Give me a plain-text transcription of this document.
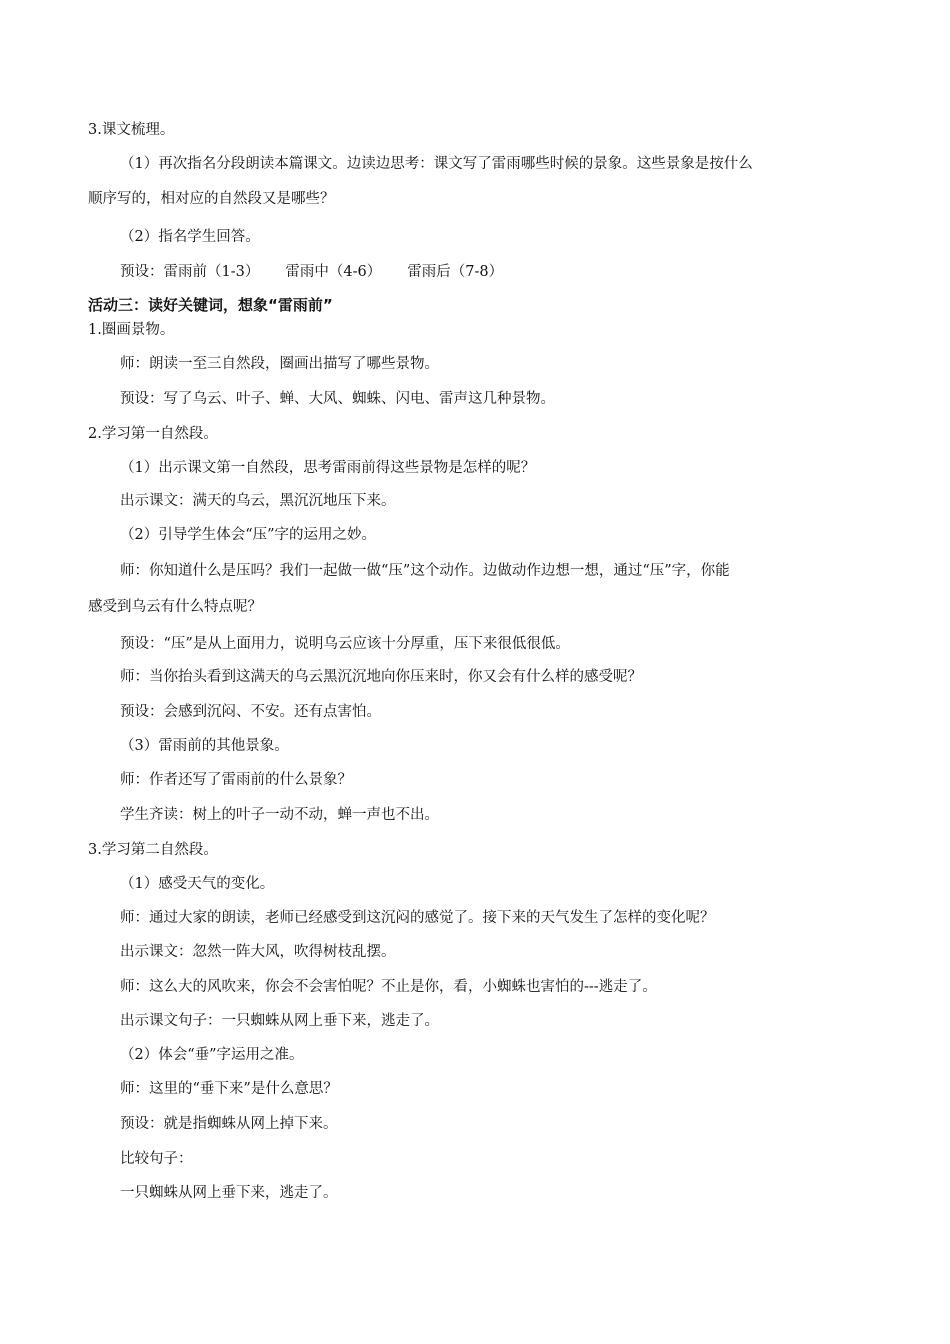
3.课文梳理。
（1）再次指名分段朗读本篇课文。边读边思考：课文写了雷雨哪些时候的景象。这些景象是按什么
顺序写的，相对应的自然段又是哪些？
（2）指名学生回答。
预设：雷雨前（1-3） 雷雨中（4-6） 雷雨后（7-8）
活动三：读好关键词，想象“雷雨前”
1.圈画景物。
师：朗读一至三自然段，圈画出描写了哪些景物。
预设：写了乌云、叶子、蝉、大风、蜘蛛、闪电、雷声这几种景物。
2.学习第一自然段。
（1）出示课文第一自然段，思考雷雨前得这些景物是怎样的呢？
出示课文：满天的乌云，黑沉沉地压下来。
（2）引导学生体会“压”字的运用之妙。
师：你知道什么是压吗？我们一起做一做“压”这个动作。边做动作边想一想，通过“压”字，你能
感受到乌云有什么特点呢？
预设：“压”是从上面用力，说明乌云应该十分厚重，压下来很低很低。
师：当你抬头看到这满天的乌云黑沉沉地向你压来时，你又会有什么样的感受呢？
预设：会感到沉闷、不安。还有点害怕。
（3）雷雨前的其他景象。
师：作者还写了雷雨前的什么景象？
学生齐读：树上的叶子一动不动，蝉一声也不出。
3.学习第二自然段。
（1）感受天气的变化。
师：通过大家的朗读，老师已经感受到这沉闷的感觉了。接下来的天气发生了怎样的变化呢？
出示课文：忽然一阵大风，吹得树枝乱摆。
师：这么大的风吹来，你会不会害怕呢？不止是你，看，小蜘蛛也害怕的---逃走了。
出示课文句子：一只蜘蛛从网上垂下来，逃走了。
（2）体会“垂”字运用之准。
师：这里的“垂下来”是什么意思？
预设：就是指蜘蛛从网上掉下来。
比较句子：
一只蜘蛛从网上垂下来，逃走了。
